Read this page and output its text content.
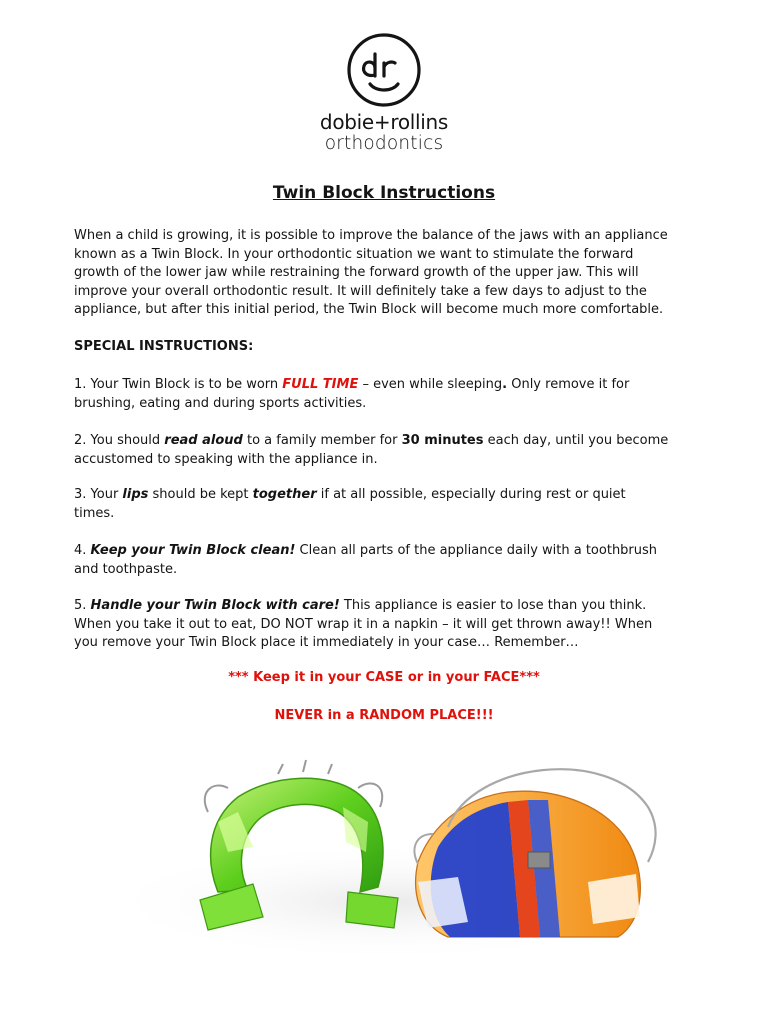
dobie+rollins
orthodontics
Twin Block Instructions
When a child is growing, it is possible to improve the balance of the jaws with an appliance
known as a Twin Block. In your orthodontic situation we want to stimulate the forward
growth of the lower jaw while restraining the forward growth of the upper jaw. This will
improve your overall orthodontic result. It will definitely take a few days to adjust to the
appliance, but after this initial period, the Twin Block will become much more comfortable.
SPECIAL INSTRUCTIONS:
1. Your Twin Block is to be worn FULL TIME – even while sleeping. Only remove it for
brushing, eating and during sports activities.
2. You should read aloud to a family member for 30 minutes each day, until you become
accustomed to speaking with the appliance in.
3. Your lips should be kept together if at all possible, especially during rest or quiet
times.
4. Keep your Twin Block clean! Clean all parts of the appliance daily with a toothbrush
and toothpaste.
5. Handle your Twin Block with care! This appliance is easier to lose than you think.
When you take it out to eat, DO NOT wrap it in a napkin – it will get thrown away!! When
you remove your Twin Block place it immediately in your case… Remember…
*** Keep it in your CASE or in your FACE***
NEVER in a RANDOM PLACE!!!
